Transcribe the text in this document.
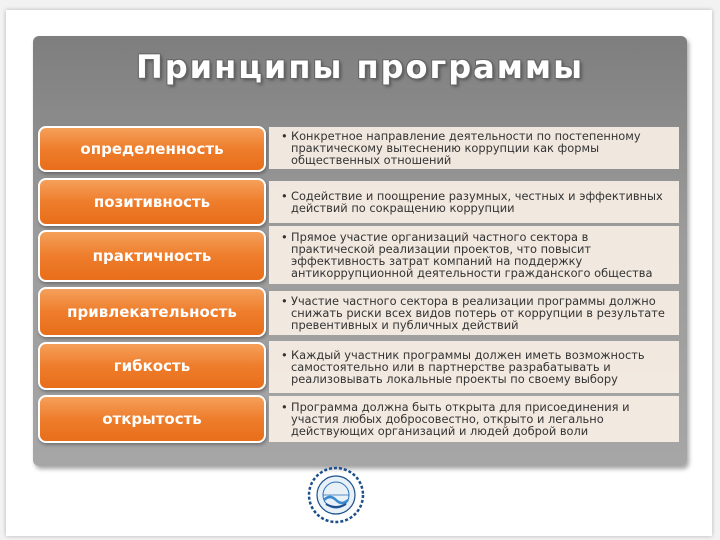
Принципы программы
определенность

• Конкретное направление деятельности по постепенному практическому вытеснению коррупции как формы общественных отношений

позитивность

•	Содействие и поощрение разумных, честных и эффективных действий по сокращению коррупции

практичность

• Прямое участие организаций частного сектора в практической реализации проектов, что повысит эффективность затрат компаний на поддержку антикоррупционной деятельности гражданского общества

привлекательность

• Участие частного сектора в реализации программы должно снижать риски всех видов потерь от коррупции в результате превентивных и публичных действий

гибкость

• Каждый участник программы должен иметь возможность самостоятельно или в партнерстве разрабатывать и реализовывать локальные проекты по своему выбору

открытость

• Программа должна быть открыта для присоединения и участия любых добросовестно, открыто и легально действующих организаций и людей доброй воли
